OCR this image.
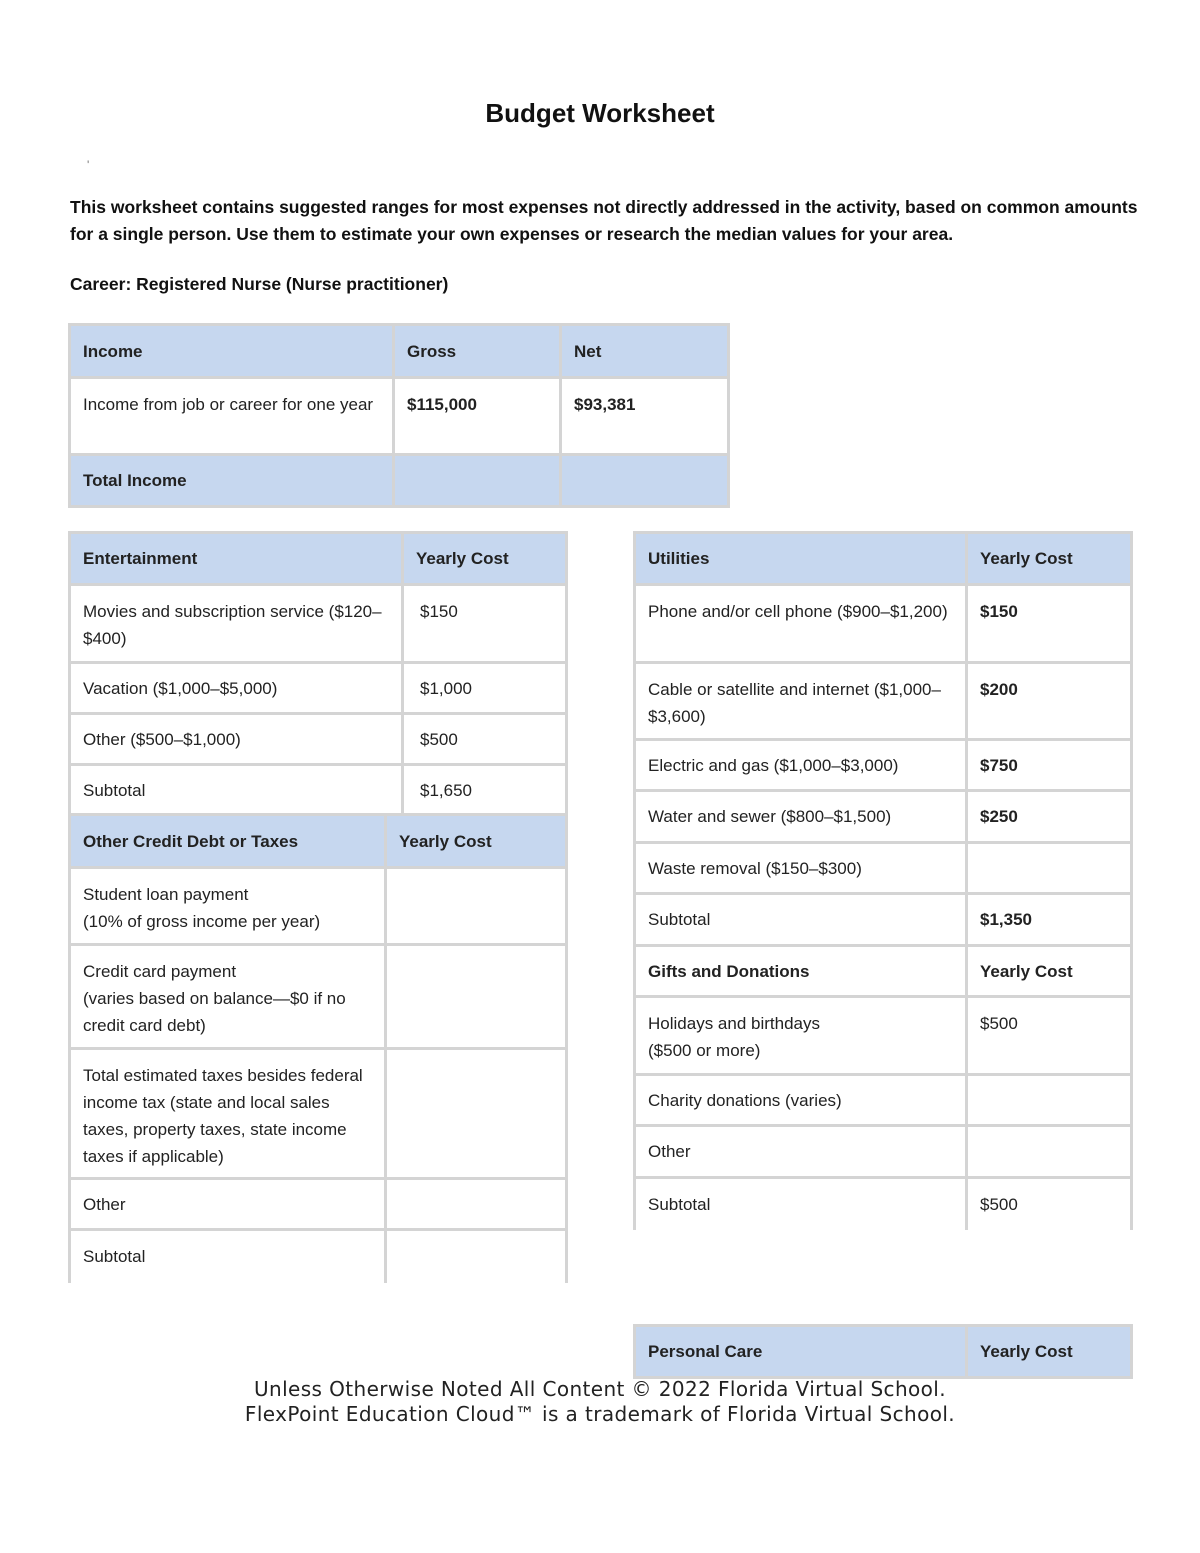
Budget Worksheet
'
This worksheet contains suggested ranges for most expenses not directly addressed in the activity, based on common amounts for a single person. Use them to estimate your own expenses or research the median values for your area.
Career: Registered Nurse (Nurse practitioner)
Income	Gross	Net
Income from job or career for one year	$115,000	$93,381
Total Income		
Entertainment	Yearly Cost
Movies and subscription service ($120–$400)	$150
Vacation ($1,000–$5,000)	$1,000
Other ($500–$1,000)	$500
Subtotal	$1,650
Other Credit Debt or Taxes	Yearly Cost

Student loan payment
(10% of gross income per year)	

Credit card payment
(varies based on balance—$0 if no credit card debt)	

Total estimated taxes besides federal income tax (state and local sales taxes, property taxes, state income taxes if applicable)	

Other	
Subtotal	
Utilities	Yearly Cost
Phone and/or cell phone ($900–$1,200)	$150
Cable or satellite and internet ($1,000–$3,600)	$200
Electric and gas ($1,000–$3,000)	$750
Water and sewer ($800–$1,500)	$250
Waste removal ($150–$300)	
Subtotal	$1,350
Gifts and Donations	Yearly Cost

Holidays and birthdays
($500 or more)	$500
Charity donations (varies)	
Other	
Subtotal	$500
Personal Care	Yearly Cost
Unless Otherwise Noted All Content © 2022 Florida Virtual School.
FlexPoint Education Cloud™ is a trademark of Florida Virtual School.
